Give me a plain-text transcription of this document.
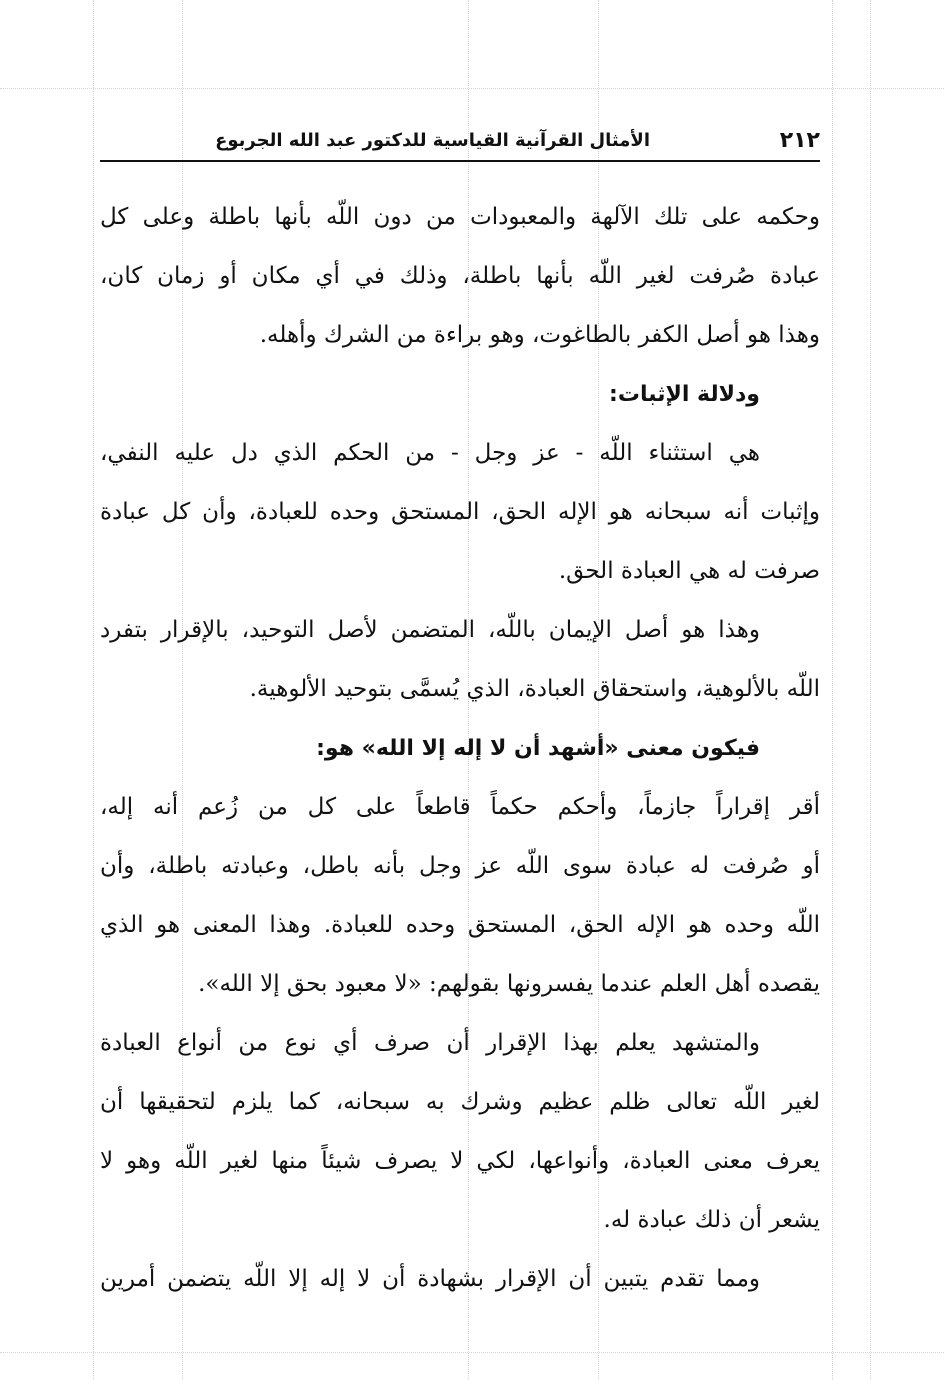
٢١٢
الأمثال القرآنية القياسية للدكتور عبد الله الجربوع
وحكمه على تلك الآلهة والمعبودات من دون اللّه بأنها باطلة وعلى كل
عبادة صُرفت لغير اللّه بأنها باطلة، وذلك في أي مكان أو زمان كان،
وهذا هو أصل الكفر بالطاغوت، وهو براءة من الشرك وأهله.
ودلالة الإثبات:
هي استثناء اللّه - عز وجل - من الحكم الذي دل عليه النفي،
وإثبات أنه سبحانه هو الإله الحق، المستحق وحده للعبادة، وأن كل عبادة
صرفت له هي العبادة الحق.
وهذا هو أصل الإيمان باللّه، المتضمن لأصل التوحيد، بالإقرار بتفرد
اللّه بالألوهية، واستحقاق العبادة، الذي يُسمَّى بتوحيد الألوهية.
فيكون معنى «أشهد أن لا إله إلا الله» هو:
أقر إقراراً جازماً، وأحكم حكماً قاطعاً على كل من زُعم أنه إله،
أو صُرفت له عبادة سوى اللّه عز وجل بأنه باطل، وعبادته باطلة، وأن
اللّه وحده هو الإله الحق، المستحق وحده للعبادة. وهذا المعنى هو الذي
يقصده أهل العلم عندما يفسرونها بقولهم: «لا معبود بحق إلا الله».
والمتشهد يعلم بهذا الإقرار أن صرف أي نوع من أنواع العبادة
لغير اللّه تعالى ظلم عظيم وشرك به سبحانه، كما يلزم لتحقيقها أن
يعرف معنى العبادة، وأنواعها، لكي لا يصرف شيئاً منها لغير اللّه وهو لا
يشعر أن ذلك عبادة له.
ومما تقدم يتبين أن الإقرار بشهادة أن لا إله إلا اللّه يتضمن أمرين
